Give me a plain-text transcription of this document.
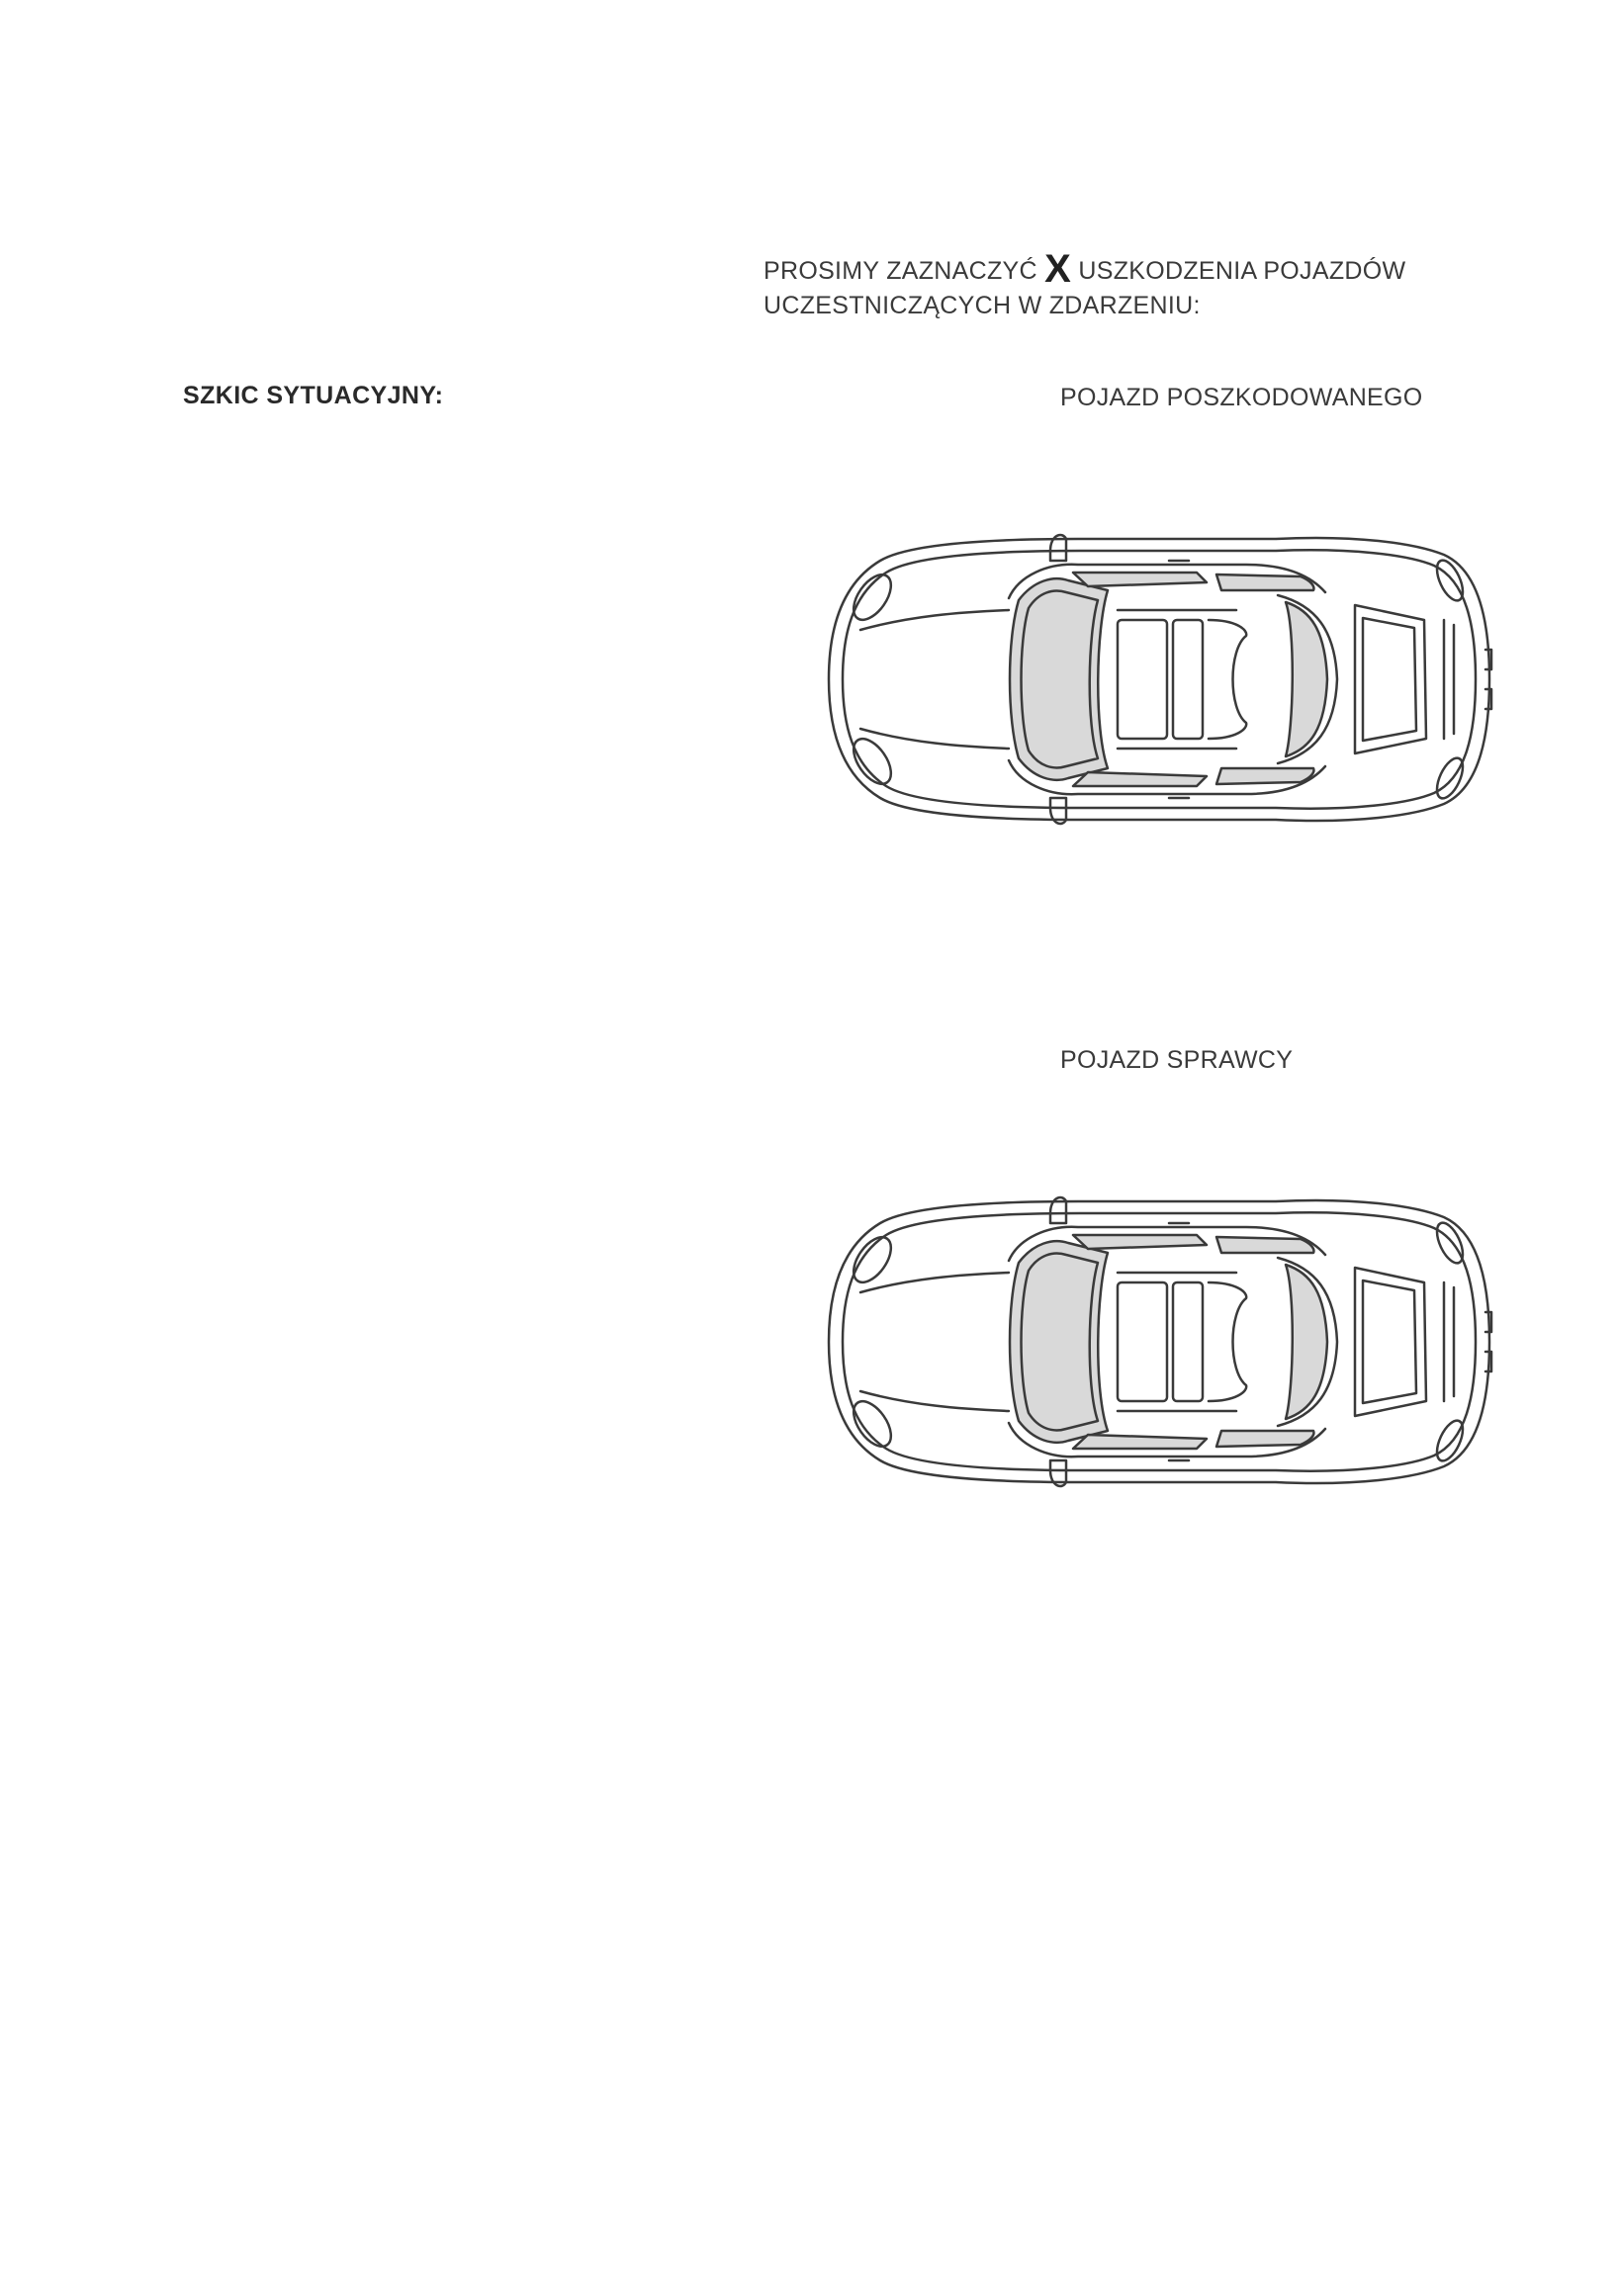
PROSIMY ZAZNACZYĆ X USZKODZENIA POJAZDÓW
UCZESTNICZĄCYCH W ZDARZENIU:
SZKIC SYTUACYJNY:	POJAZD POSZKODOWANEGO
POJAZD SPRAWCY
